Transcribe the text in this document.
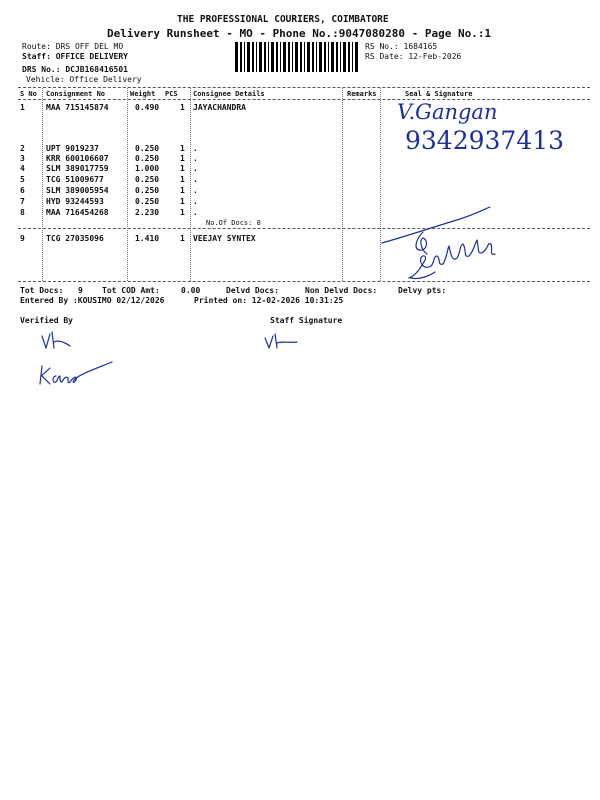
THE PROFESSIONAL COURIERS, COIMBATORE
Delivery Runsheet - MO - Phone No.:9047080280 - Page No.:1
Route: DRS OFF DEL MO
Staff: OFFICE DELIVERY
DRS No.: DCJB168416501
Vehicle: Office Delivery
RS No.: 1684165
RS Date: 12-Feb-2026
S No Consignment No	Weight PCS Consignee Details	Remarks	Seal & Signature
1	MAA 715145874	0.490	1 JAYACHANDRA
2	UPT 9019237	0.250	1 .
3	KRR 600106607	0.250	1 .
4	SLM 389017759	1.000	1 .
5	TCG 51009677	0.250	1 .
6	SLM 389005954	0.250	1 .
7	HYD 93244593	0.250	1 .
8	MAA 716454268	2.230	1 .
No.Of Docs: 8
V.Gangan
9342937413
9	TCG 27035096	1.410	1 VEEJAY SYNTEX
Tot Docs: 9 Tot COD Amt:	0.00	Delvd Docs:	Non Delvd Docs:	Delvy pts:
Entered By :KOUSIMO 02/12/2026	Printed on: 12-02-2026 10:31:25
Verified By	Staff Signature
